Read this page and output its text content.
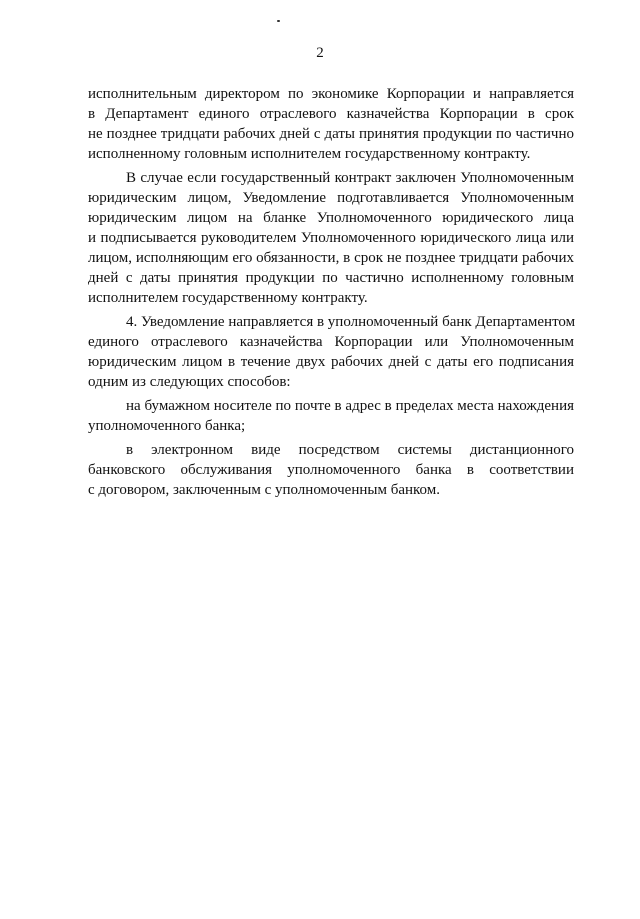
2
исполнительным директором по экономике Корпорации и направляется
в Департамент единого отраслевого казначейства Корпорации в срок
не позднее тридцати рабочих дней с даты принятия продукции по частично
исполненному головным исполнителем государственному контракту.
В случае если государственный контракт заключен Уполномоченным
юридическим лицом, Уведомление подготавливается Уполномоченным
юридическим лицом на бланке Уполномоченного юридического лица
и подписывается руководителем Уполномоченного юридического лица или
лицом, исполняющим его обязанности, в срок не позднее тридцати рабочих
дней с даты принятия продукции по частично исполненному головным
исполнителем государственному контракту.
4. Уведомление направляется в уполномоченный банк Департаментом
единого отраслевого казначейства Корпорации или Уполномоченным
юридическим лицом в течение двух рабочих дней с даты его подписания
одним из следующих способов:
на бумажном носителе по почте в адрес в пределах места нахождения
уполномоченного банка;
в электронном виде посредством системы дистанционного
банковского обслуживания уполномоченного банка в соответствии
с договором, заключенным с уполномоченным банком.
